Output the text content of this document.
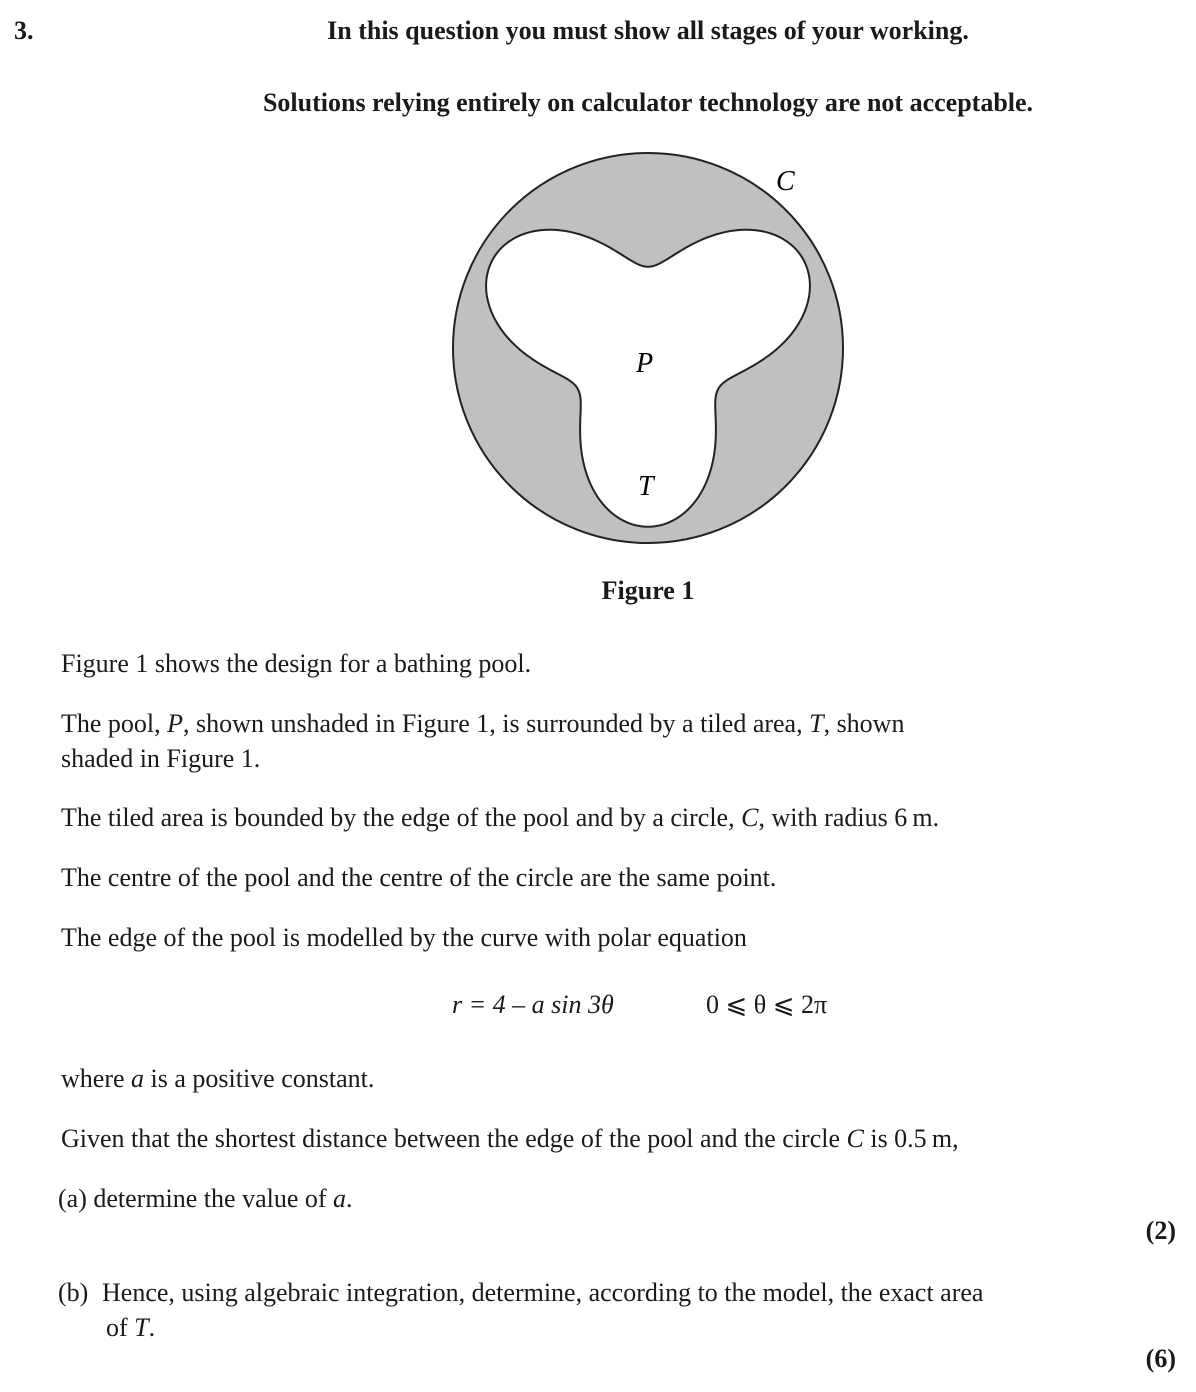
3.	In this question you must show all stages of your working.
Solutions relying entirely on calculator technology are not acceptable.
C
P
T
Figure 1
Figure 1 shows the design for a bathing pool.
The pool, P, shown unshaded in Figure 1, is surrounded by a tiled area, T, shown
shaded in Figure 1.
The tiled area is bounded by the edge of the pool and by a circle, C, with radius 6 m.
The centre of the pool and the centre of the circle are the same point.
The edge of the pool is modelled by the curve with polar equation
r = 4 – a sin 3θ	0 ⩽ θ ⩽ 2π
where a is a positive constant.
Given that the shortest distance between the edge of the pool and the circle C is 0.5 m,
(a) determine the value of a.
(2)
(b) Hence, using algebraic integration, determine, according to the model, the exact area
of T.
(6)
